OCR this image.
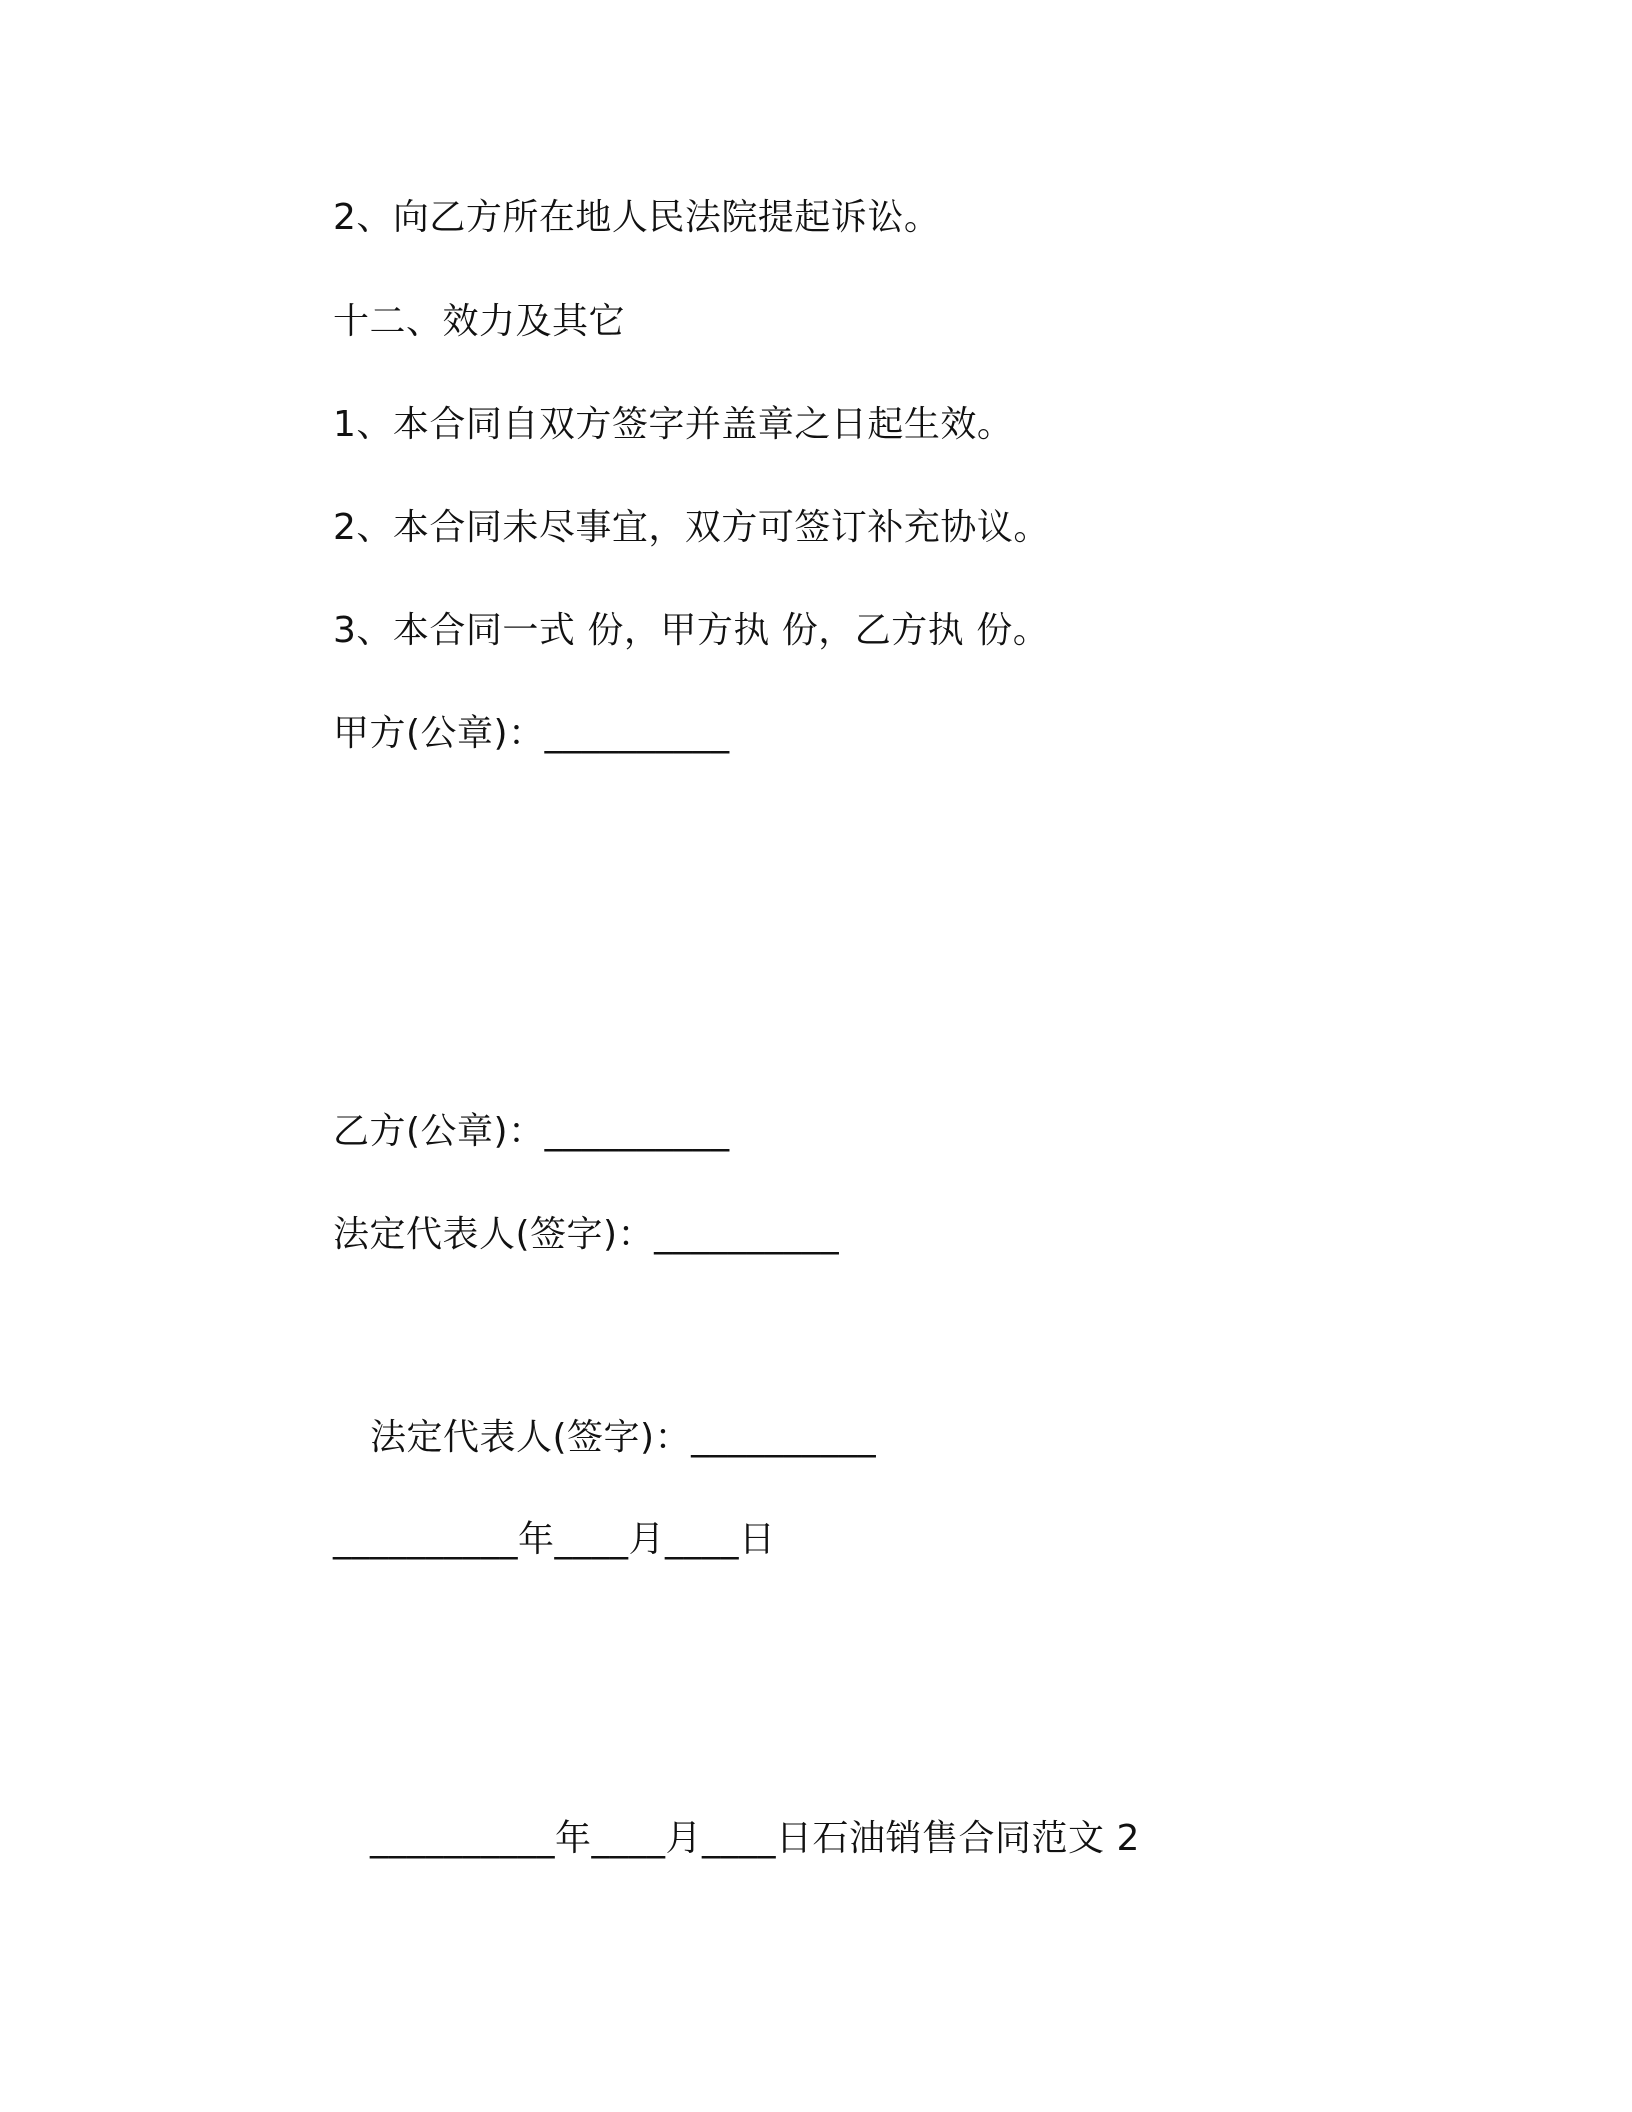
2、向乙方所在地人民法院提起诉讼。
十二、效力及其它
1、本合同自双方签字并盖章之日起生效。
2、本合同未尽事宜，双方可签订补充协议。
3、本合同一式 份，甲方执 份，乙方执 份。
甲方(公章)：__________
乙方(公章)：__________
法定代表人(签字)：__________
法定代表人(签字)：__________
__________年____月____日
__________年____月____日石油销售合同范文 2
